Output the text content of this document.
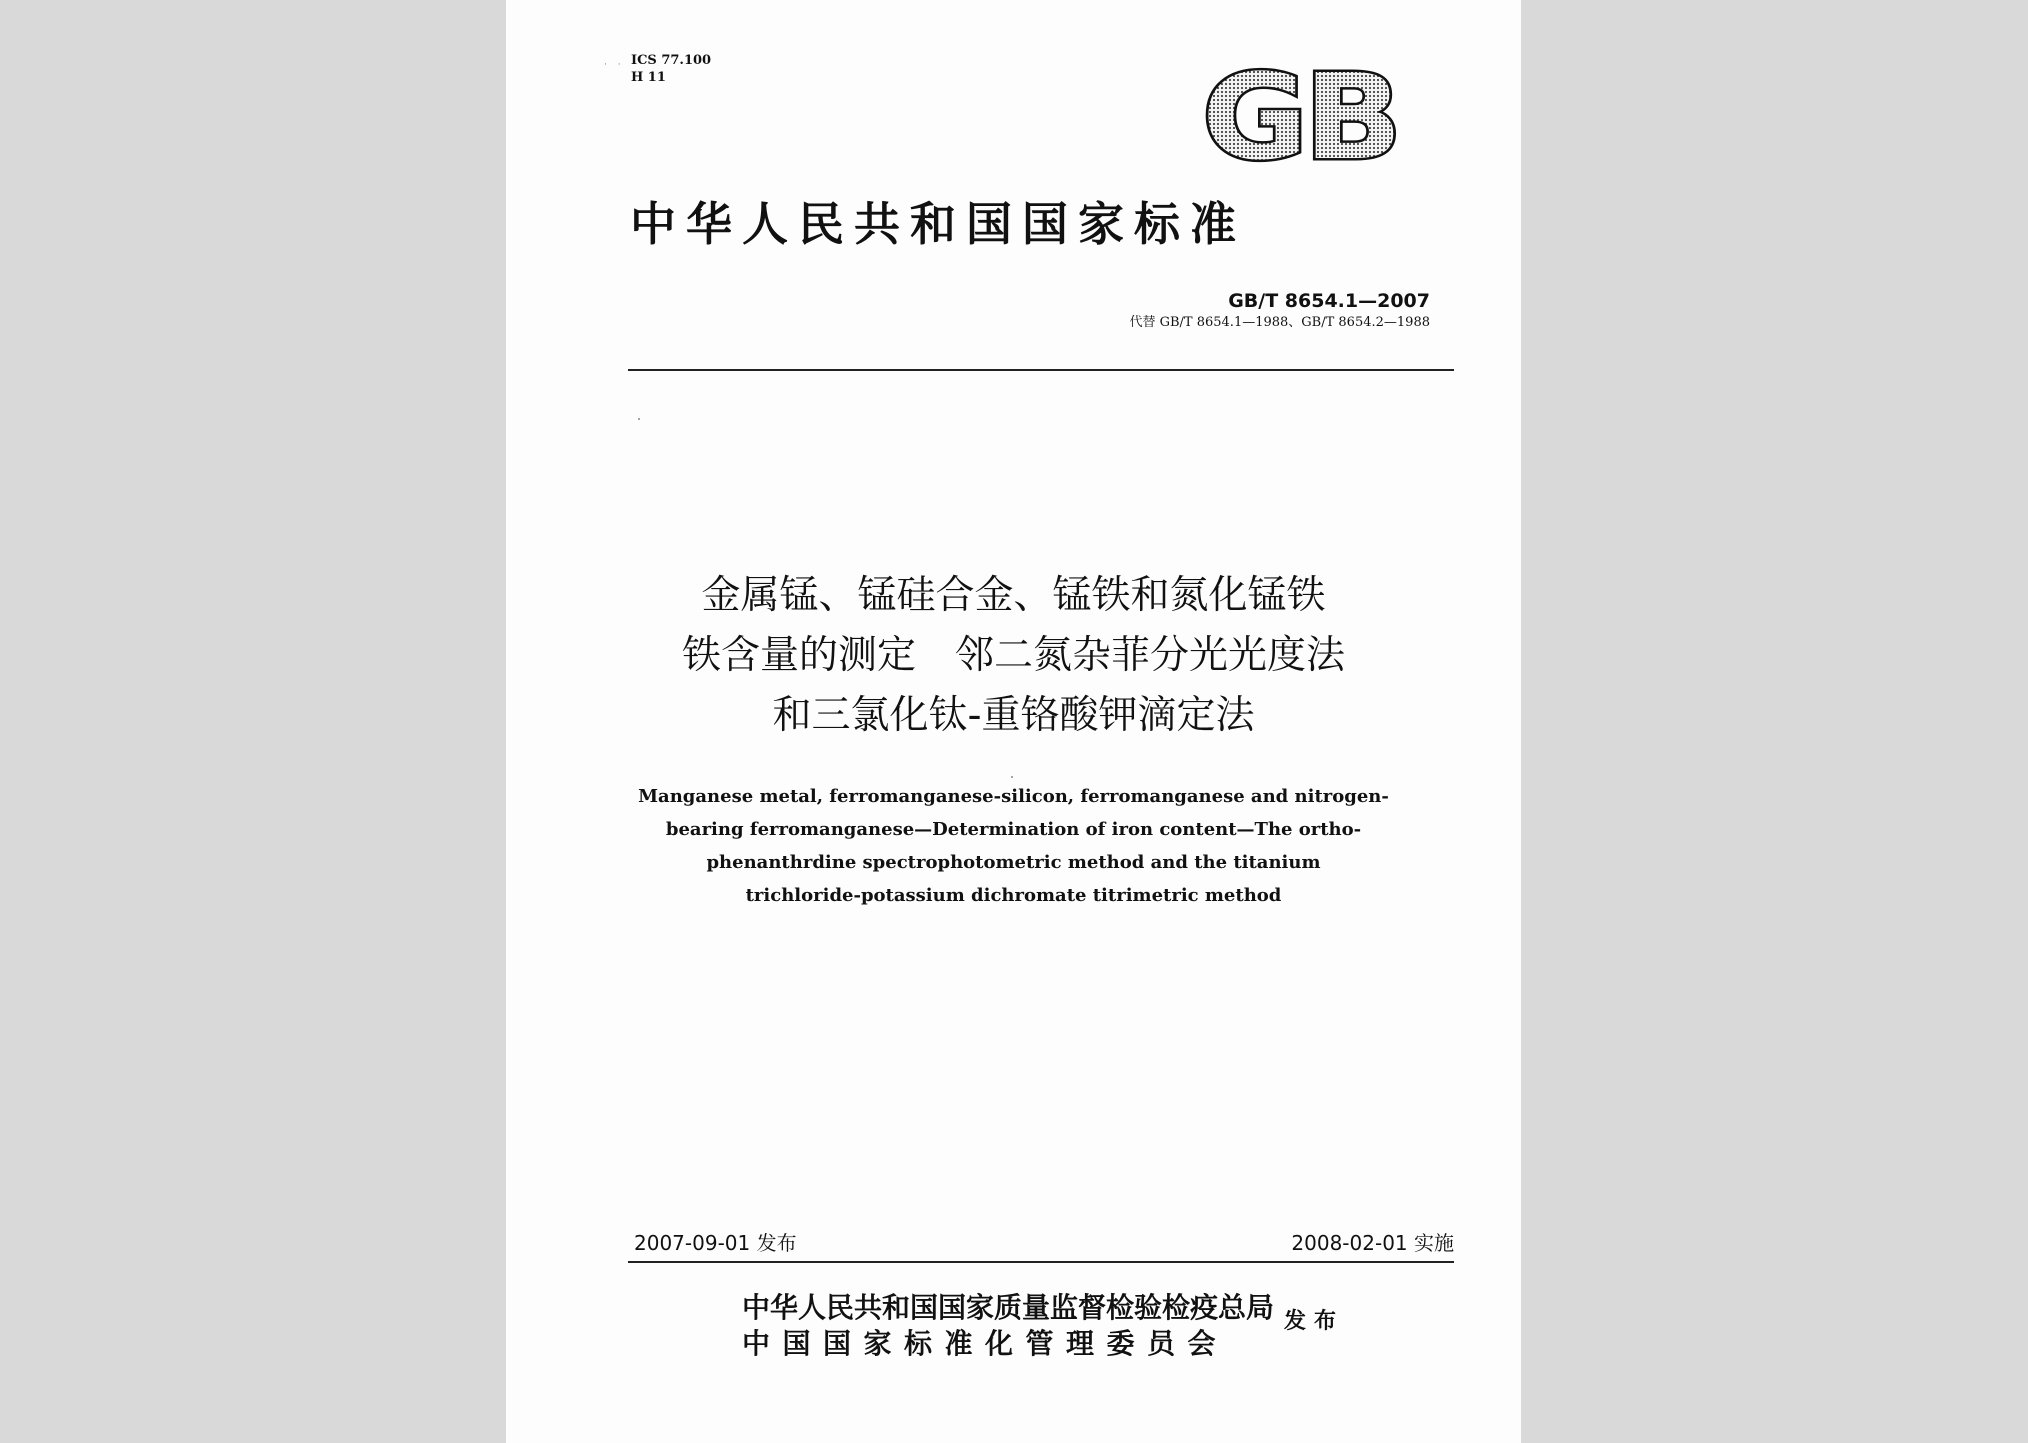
· · ICS 77.100
H 11	GB
中华人民共和国国家标准
GB/T 8654.1—2007
代替 GB/T 8654.1—1988、GB/T 8654.2—1988
金属锰、锰硅合金、锰铁和氮化锰铁
铁含量的测定　邻二氮杂菲分光光度法
和三氯化钛-重铬酸钾滴定法
Manganese metal, ferromanganese-silicon, ferromanganese and nitrogen-
bearing ferromanganese—Determination of iron content—The ortho-
phenanthrdine spectrophotometric method and the titanium
trichloride-potassium dichromate titrimetric method
2007-09-01 发布	2008-02-01 实施
中华人民共和国国家质量监督检验检疫总局
中国国家标准化管理委员会
发布
